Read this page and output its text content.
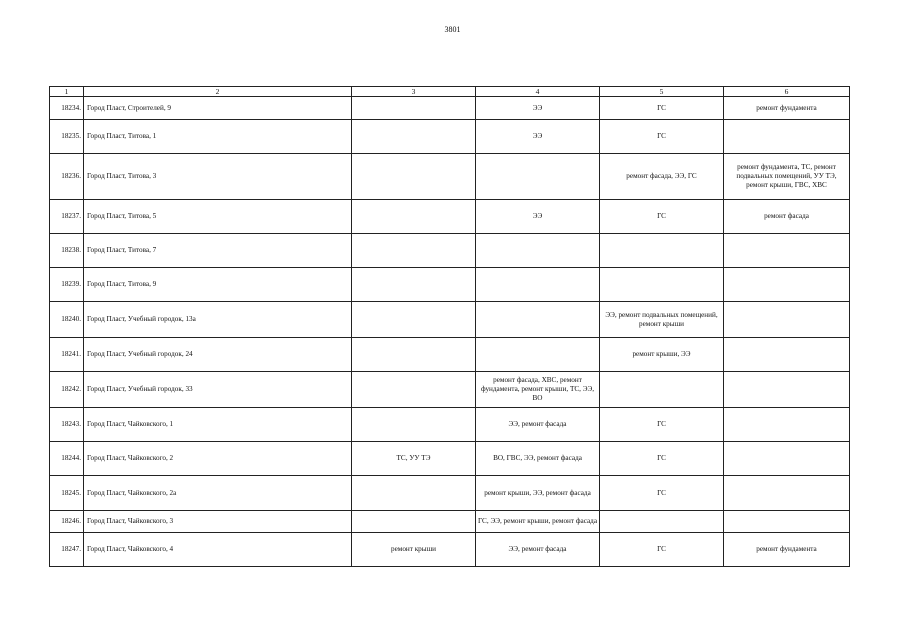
3801
1	2	3	4	5	6
18234.	Город Пласт, Строителей, 9		ЭЭ	ГС	ремонт фундамента
18235.	Город Пласт, Титова, 1		ЭЭ	ГС	
18236.	Город Пласт, Титова, 3			ремонт фасада, ЭЭ, ГС	ремонт фундамента, ТС, ремонт подвальных помещений, УУ ТЭ, ремонт крыши, ГВС, ХВС
18237.	Город Пласт, Титова, 5		ЭЭ	ГС	ремонт фасада
18238.	Город Пласт, Титова, 7				
18239.	Город Пласт, Титова, 9				
18240.	Город Пласт, Учебный городок, 13а			ЭЭ, ремонт подвальных помещений, ремонт крыши	
18241.	Город Пласт, Учебный городок, 24			ремонт крыши, ЭЭ	
18242.	Город Пласт, Учебный городок, 33		ремонт фасада, ХВС, ремонт фундамента, ремонт крыши, ТС, ЭЭ, ВО		
18243.	Город Пласт, Чайковского, 1		ЭЭ, ремонт фасада	ГС	
18244.	Город Пласт, Чайковского, 2	ТС, УУ ТЭ	ВО, ГВС, ЭЭ, ремонт фасада	ГС	
18245.	Город Пласт, Чайковского, 2а		ремонт крыши, ЭЭ, ремонт фасада	ГС	
18246.	Город Пласт, Чайковского, 3		ГС, ЭЭ, ремонт крыши, ремонт фасада		
18247.	Город Пласт, Чайковского, 4	ремонт крыши	ЭЭ, ремонт фасада	ГС	ремонт фундамента
